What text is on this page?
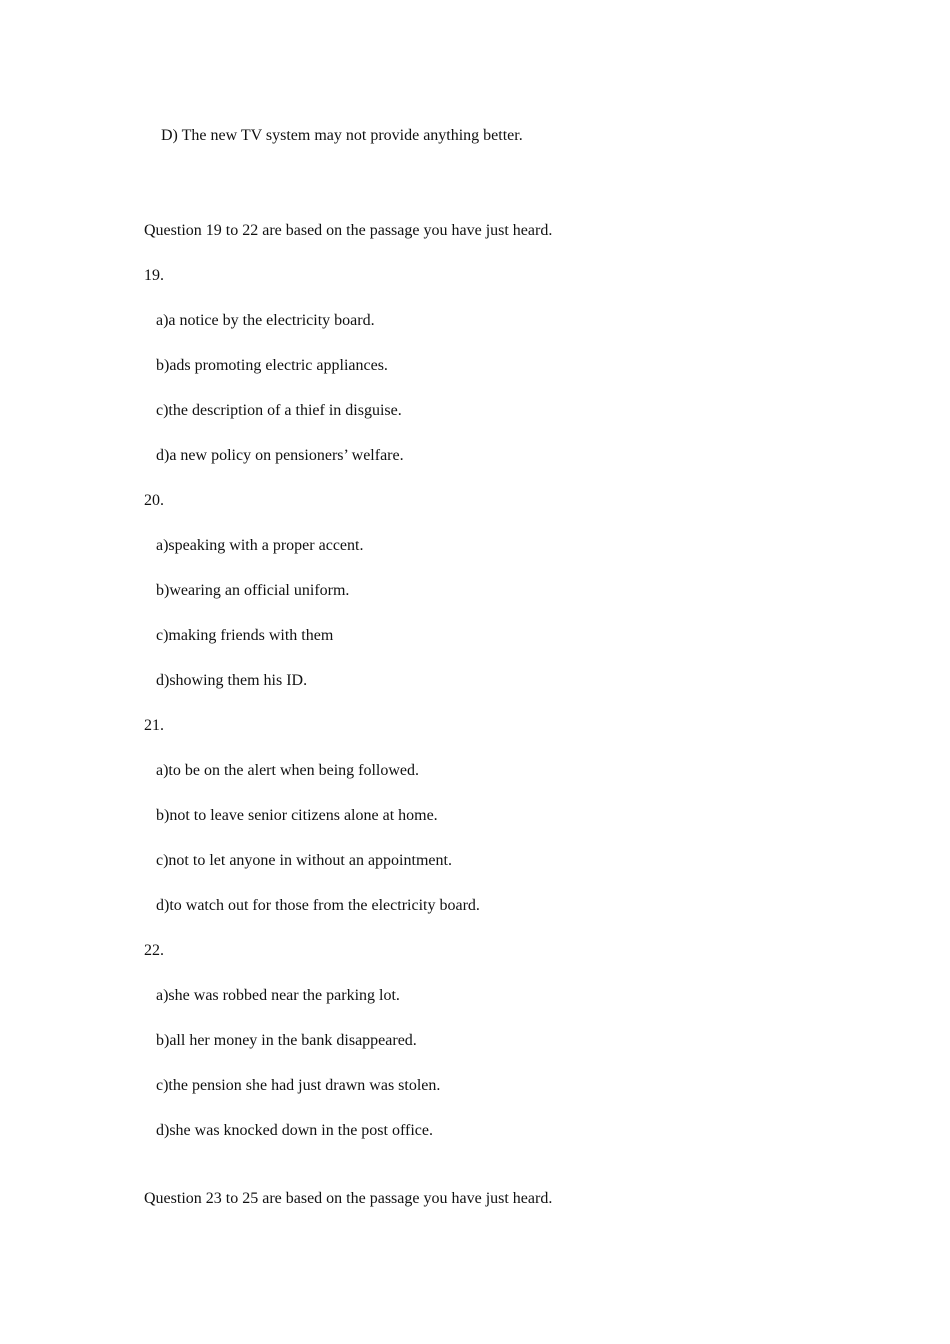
D) The new TV system may not provide anything better.
Question 19 to 22 are based on the passage you have just heard.
19.
a)a notice by the electricity board.
b)ads promoting electric appliances.
c)the description of a thief in disguise.
d)a new policy on pensioners’ welfare.
20.
a)speaking with a proper accent.
b)wearing an official uniform.
c)making friends with them
d)showing them his ID.
21.
a)to be on the alert when being followed.
b)not to leave senior citizens alone at home.
c)not to let anyone in without an appointment.
d)to watch out for those from the electricity board.
22.
a)she was robbed near the parking lot.
b)all her money in the bank disappeared.
c)the pension she had just drawn was stolen.
d)she was knocked down in the post office.
Question 23 to 25 are based on the passage you have just heard.
